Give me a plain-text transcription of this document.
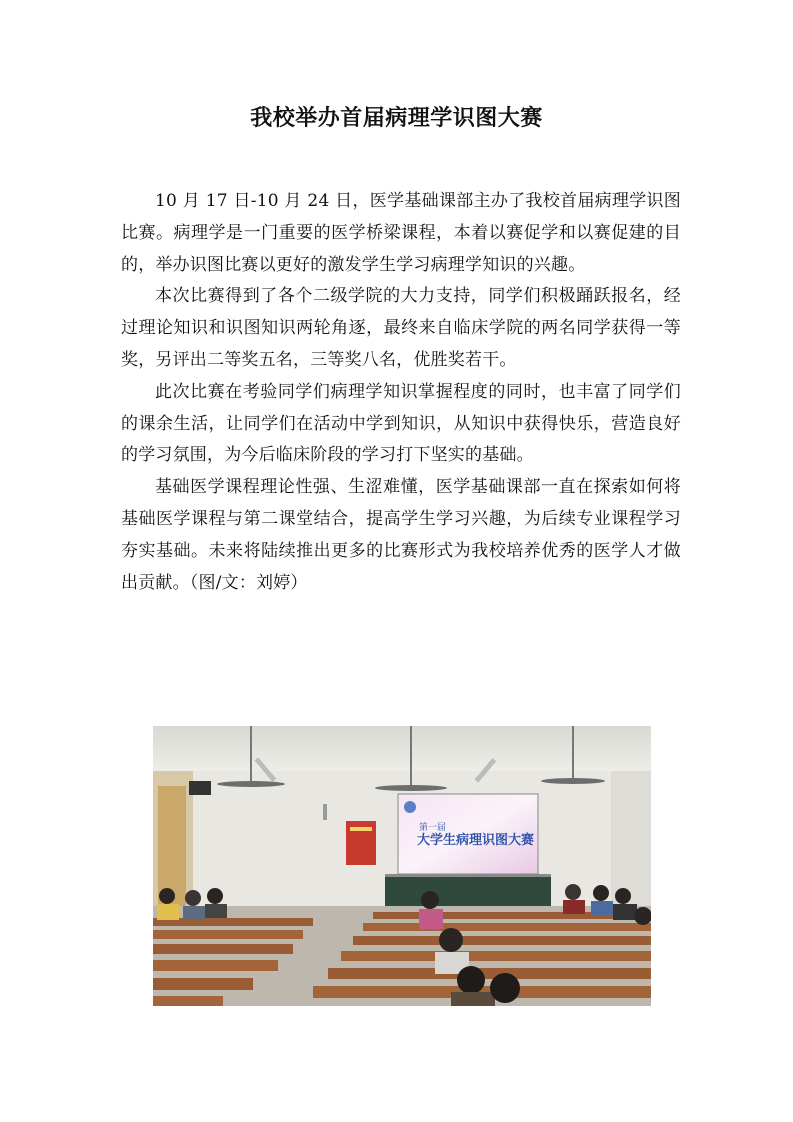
我校举办首届病理学识图大赛

10 月 17 日-10 月 24 日，医学基础课部主办了我校首届病理学识图比赛。病理学是一门重要的医学桥梁课程，本着以赛促学和以赛促建的目的，举办识图比赛以更好的激发学生学习病理学知识的兴趣。

本次比赛得到了各个二级学院的大力支持，同学们积极踊跃报名，经过理论知识和识图知识两轮角逐，最终来自临床学院的两名同学获得一等奖，另评出二等奖五名，三等奖八名，优胜奖若干。

此次比赛在考验同学们病理学知识掌握程度的同时，也丰富了同学们的课余生活，让同学们在活动中学到知识，从知识中获得快乐，营造良好的学习氛围，为今后临床阶段的学习打下坚实的基础。

基础医学课程理论性强、生涩难懂，医学基础课部一直在探索如何将基础医学课程与第二课堂结合，提高学生学习兴趣，为后续专业课程学习夯实基础。未来将陆续推出更多的比赛形式为我校培养优秀的医学人才做出贡献。（图/文：刘婷）

第一届
大学生病理识图大赛
